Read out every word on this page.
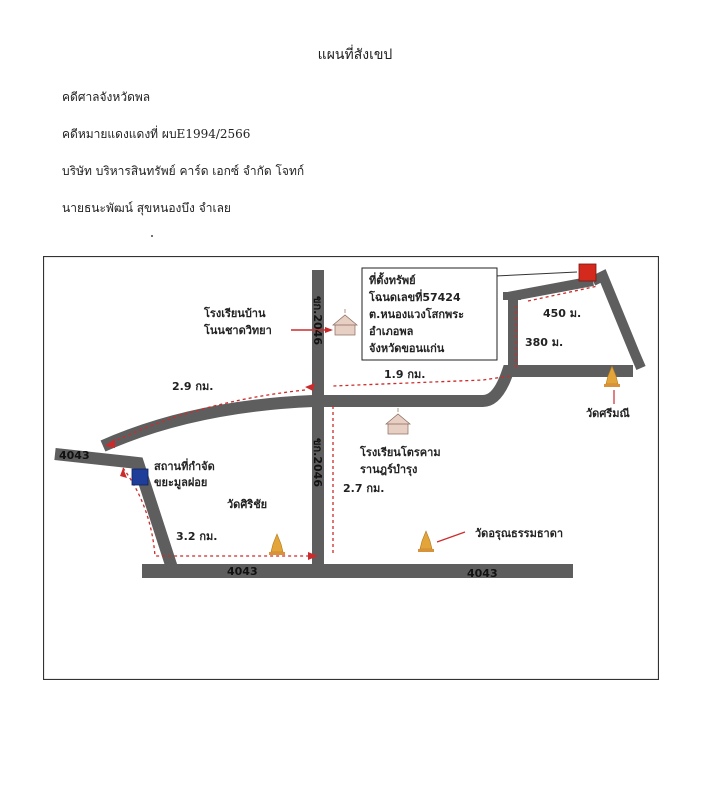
แผนที่สังเขป
คดีศาลจังหวัดพล
คดีหมายแดงแดงที่ ผบE1994/2566
บริษัท บริหารสินทรัพย์ คาร์ด เอกซ์ จำกัด โจทก์
นายธนะพัฒน์ สุขหนองบึง จำเลย
ที่ตั้งทรัพย์
โฉนดเลขที่57424
ต.หนองแวงโสกพระ
อำเภอพล
จังหวัดขอนแก่น
4043
4043	4043
ขก.2046
ขก.2046
450 ม.
380 ม.
1.9 กม.
2.9 กม.
2.7 กม.
3.2 กม.
โรงเรียนบ้าน
โนนชาดวิทยา
โรงเรียนโตรคาม
รานฎร์บำรุง
สถานที่กำจัด
ขยะมูลฝอย
วัดศรีมณี
วัดศิริชัย
วัดอรุณธรรมธาดา
